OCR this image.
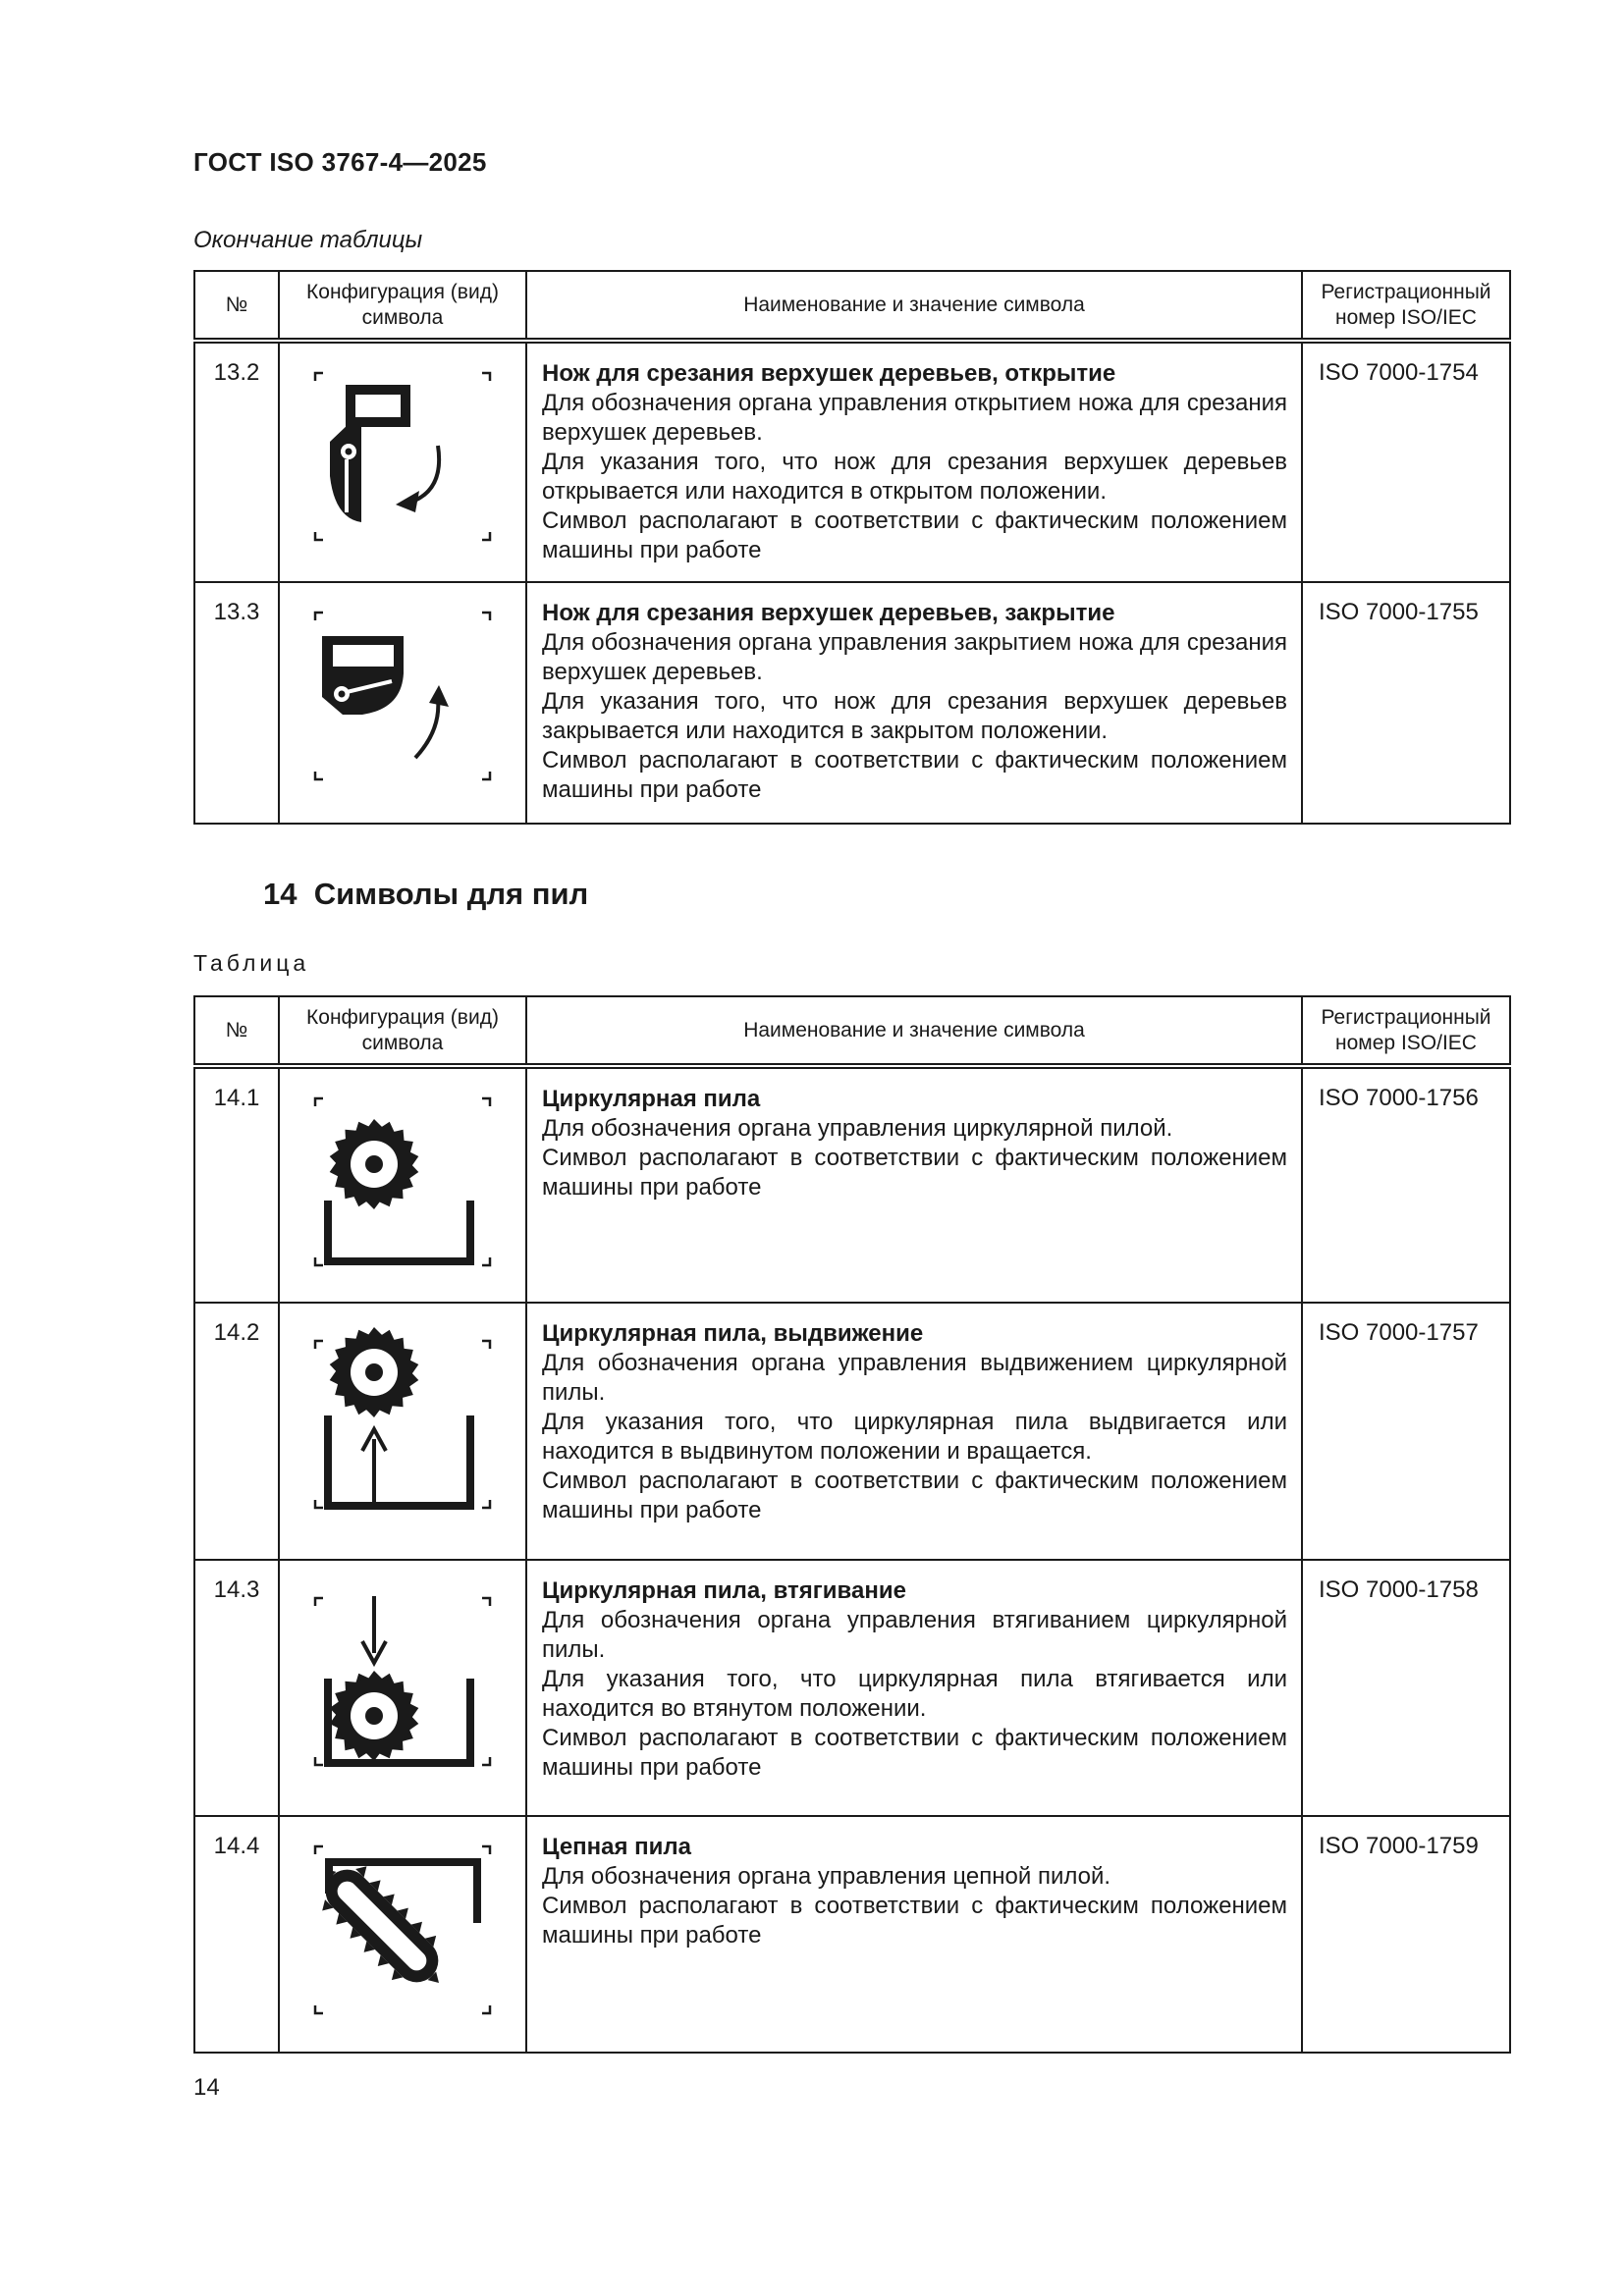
ГОСТ ISO 3767-4—2025
Окончание таблицы
№	Конфигурация (вид) символа	Наименование и значение символа	Регистрационный номер ISO/IEC
13.2		Нож для срезания верхушек деревьев, открытие
Для обозначения органа управления открытием ножа для срезания верхушек деревьев.
Для указания того, что нож для срезания верхушек деревьев открывается или находится в открытом положении.
Символ располагают в соответствии с фактическим положением машины при работе	ISO 7000-1754
13.3		Нож для срезания верхушек деревьев, закрытие
Для обозначения органа управления закрытием ножа для срезания верхушек деревьев.
Для указания того, что нож для срезания верхушек деревьев закрывается или находится в закрытом положении.
Символ располагают в соответствии с фактическим положением машины при работе	ISO 7000-1755
14 Символы для пил
Таблица
№	Конфигурация (вид) символа	Наименование и значение символа	Регистрационный номер ISO/IEC
14.1		Циркулярная пила
Для обозначения органа управления циркулярной пилой.
Символ располагают в соответствии с фактическим положением машины при работе	ISO 7000-1756
14.2		Циркулярная пила, выдвижение
Для обозначения органа управления выдвижением циркулярной пилы.
Для указания того, что циркулярная пила выдвигается или находится в выдвинутом положении и вращается.
Символ располагают в соответствии с фактическим положением машины при работе	ISO 7000-1757
14.3		Циркулярная пила, втягивание
Для обозначения органа управления втягиванием циркулярной пилы.
Для указания того, что циркулярная пила втягивается или находится во втянутом положении.
Символ располагают в соответствии с фактическим положением машины при работе	ISO 7000-1758
14.4		Цепная пила
Для обозначения органа управления цепной пилой.
Символ располагают в соответствии с фактическим положением машины при работе	ISO 7000-1759
14
